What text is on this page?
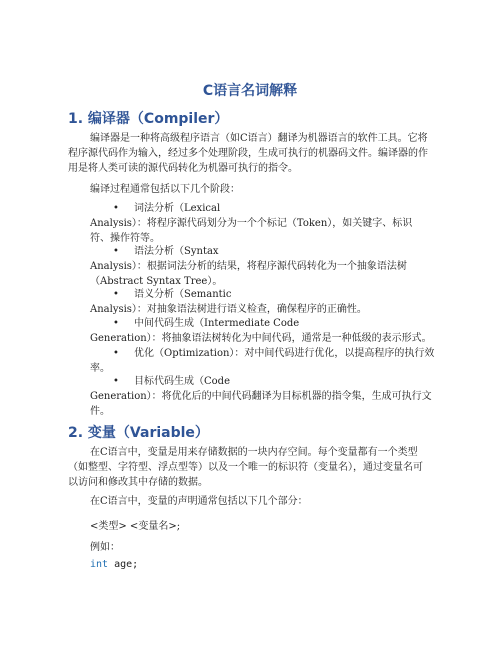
C语言名词解释
1. 编译器（Compiler）
编译器是一种将高级程序语言（如C语言）翻译为机器语言的软件工具。它将程序源代码作为输入，经过多个处理阶段，生成可执行的机器码文件。编译器的作用是将人类可读的源代码转化为机器可执行的指令。
编译过程通常包括以下几个阶段：
• 词法分析（Lexical
Analysis）：将程序源代码划分为一个个标记（Token），如关键字、标识符、操作符等。
• 语法分析（Syntax
Analysis）：根据词法分析的结果，将程序源代码转化为一个抽象语法树（Abstract Syntax Tree）。
• 语义分析（Semantic
Analysis）：对抽象语法树进行语义检查，确保程序的正确性。
• 中间代码生成（Intermediate Code
Generation）：将抽象语法树转化为中间代码，通常是一种低级的表示形式。
• 优化（Optimization）：对中间代码进行优化，以提高程序的执行效
率。
• 目标代码生成（Code
Generation）：将优化后的中间代码翻译为目标机器的指令集，生成可执行文件。
2. 变量（Variable）
在C语言中，变量是用来存储数据的一块内存空间。每个变量都有一个类型（如整型、字符型、浮点型等）以及一个唯一的标识符（变量名），通过变量名可以访问和修改其中存储的数据。
在C语言中，变量的声明通常包括以下几个部分：
<类型> <变量名>;
例如：
int age;
